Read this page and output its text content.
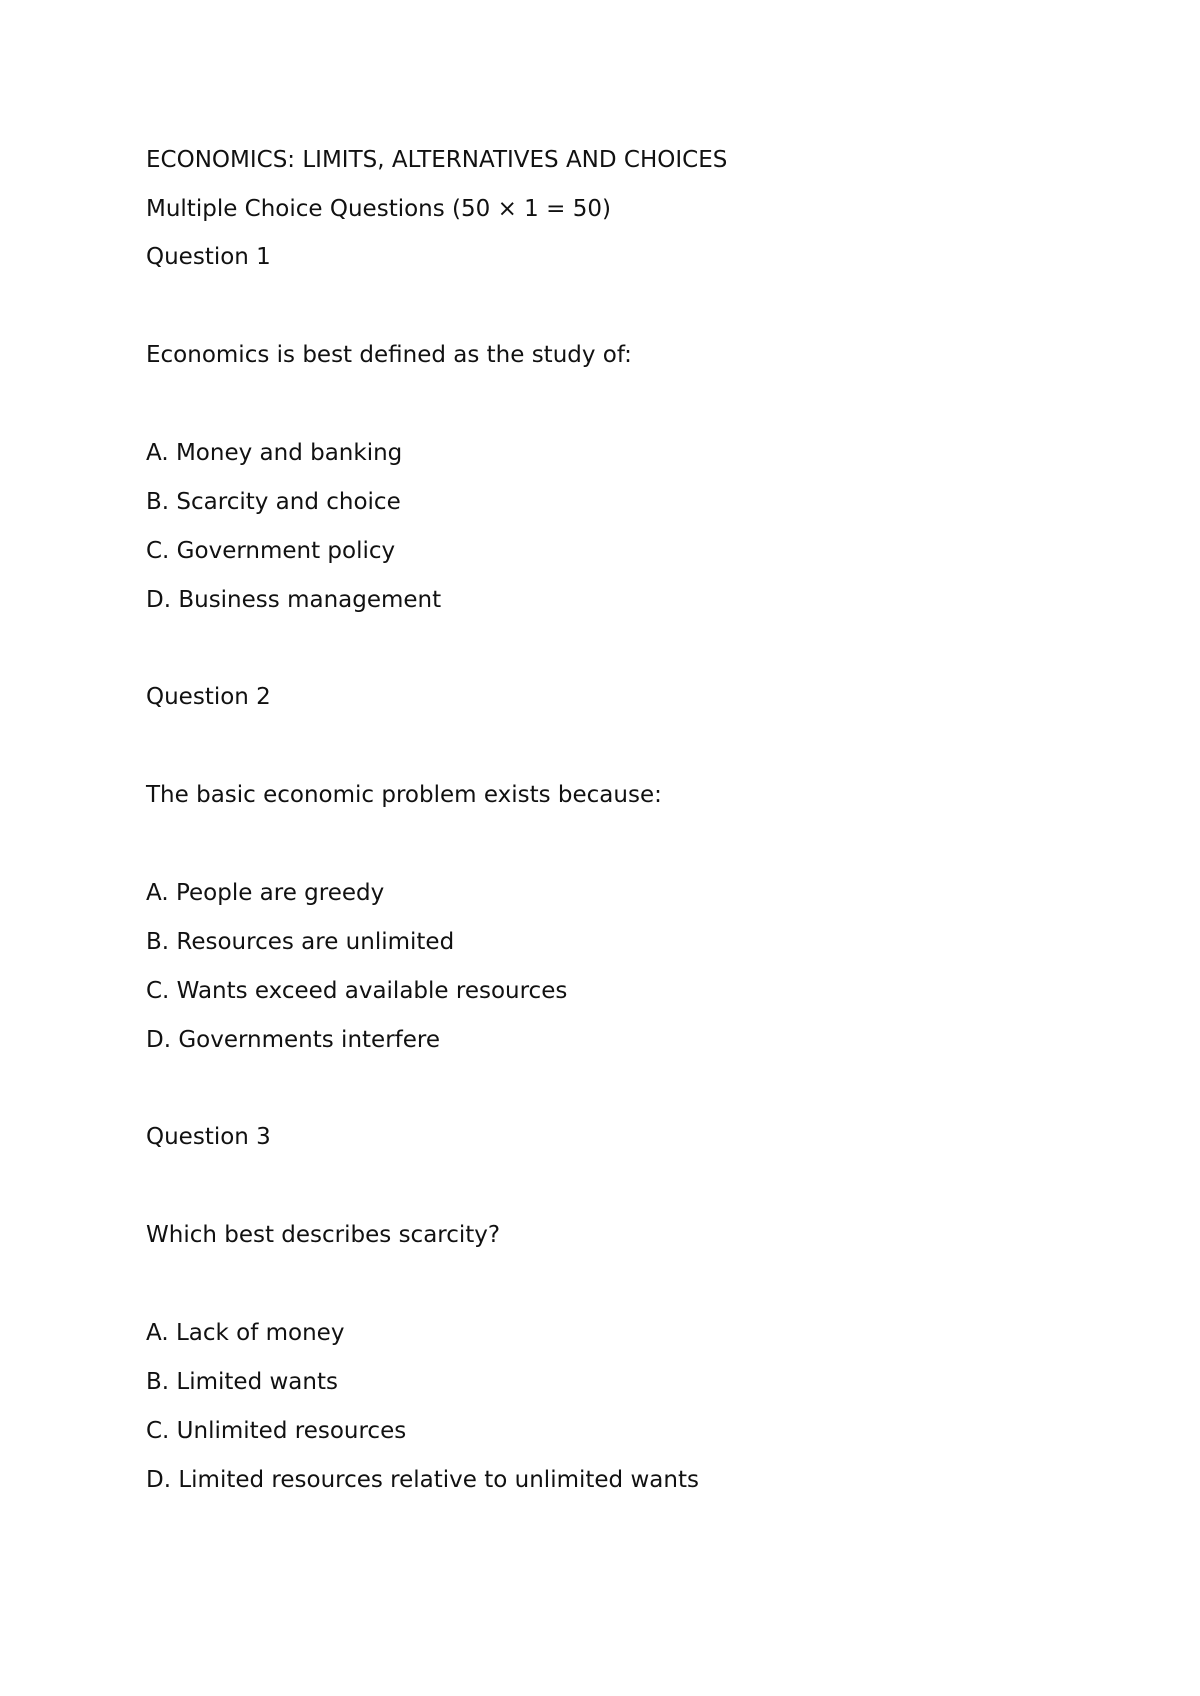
ECONOMICS: LIMITS, ALTERNATIVES AND CHOICES
Multiple Choice Questions (50 × 1 = 50)
Question 1
Economics is best defined as the study of:
A. Money and banking
B. Scarcity and choice
C. Government policy
D. Business management
Question 2
The basic economic problem exists because:
A. People are greedy
B. Resources are unlimited
C. Wants exceed available resources
D. Governments interfere
Question 3
Which best describes scarcity?
A. Lack of money
B. Limited wants
C. Unlimited resources
D. Limited resources relative to unlimited wants
